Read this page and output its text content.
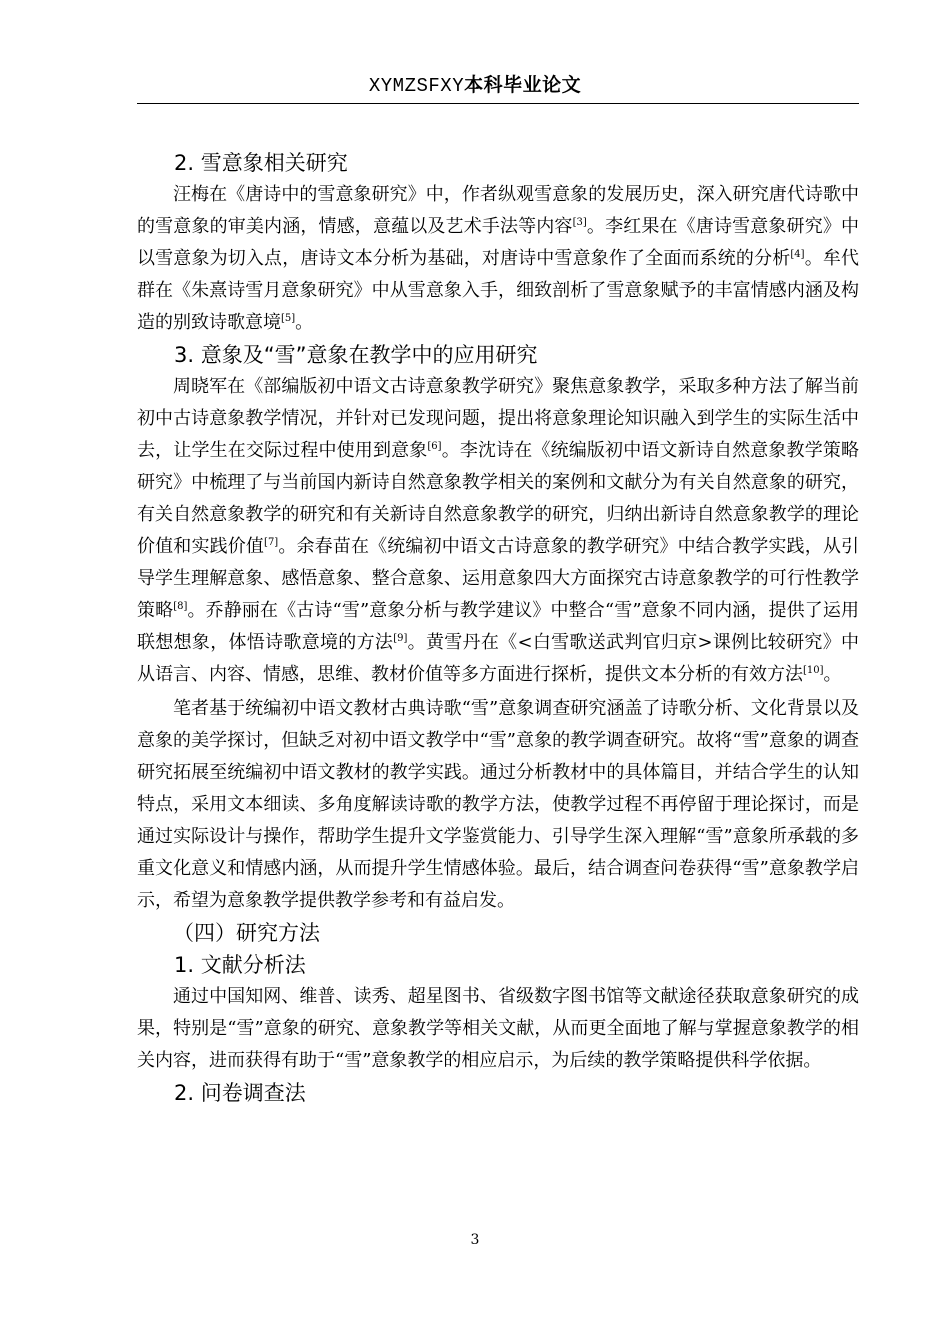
XYMZSFXY本科毕业论文
2. 雪意象相关研究

汪梅在《唐诗中的雪意象研究》中，作者纵观雪意象的发展历史，深入研究唐代诗歌中的雪意象的审美内涵，情感，意蕴以及艺术手法等内容[3]。李红果在《唐诗雪意象研究》中以雪意象为切入点，唐诗文本分析为基础，对唐诗中雪意象作了全面而系统的分析[4]。牟代群在《朱熹诗雪月意象研究》中从雪意象入手，细致剖析了雪意象赋予的丰富情感内涵及构造的别致诗歌意境[5]。

3. 意象及“雪”意象在教学中的应用研究

周晓军在《部编版初中语文古诗意象教学研究》聚焦意象教学，采取多种方法了解当前初中古诗意象教学情况，并针对已发现问题，提出将意象理论知识融入到学生的实际生活中去，让学生在交际过程中使用到意象[6]。李沈诗在《统编版初中语文新诗自然意象教学策略研究》中梳理了与当前国内新诗自然意象教学相关的案例和文献分为有关自然意象的研究，有关自然意象教学的研究和有关新诗自然意象教学的研究，归纳出新诗自然意象教学的理论价值和实践价值[7]。余春苗在《统编初中语文古诗意象的教学研究》中结合教学实践，从引导学生理解意象、感悟意象、整合意象、运用意象四大方面探究古诗意象教学的可行性教学策略[8]。乔静丽在《古诗“雪”意象分析与教学建议》中整合“雪”意象不同内涵，提供了运用联想想象，体悟诗歌意境的方法[9]。黄雪丹在《<白雪歌送武判官归京>课例比较研究》中从语言、内容、情感，思维、教材价值等多方面进行探析，提供文本分析的有效方法[10]。

笔者基于统编初中语文教材古典诗歌“雪”意象调查研究涵盖了诗歌分析、文化背景以及意象的美学探讨，但缺乏对初中语文教学中“雪”意象的教学调查研究。故将“雪”意象的调查研究拓展至统编初中语文教材的教学实践。通过分析教材中的具体篇目，并结合学生的认知特点，采用文本细读、多角度解读诗歌的教学方法，使教学过程不再停留于理论探讨，而是通过实际设计与操作，帮助学生提升文学鉴赏能力、引导学生深入理解“雪”意象所承载的多重文化意义和情感内涵，从而提升学生情感体验。最后，结合调查问卷获得“雪”意象教学启示，希望为意象教学提供教学参考和有益启发。

（四）研究方法
1. 文献分析法

通过中国知网、维普、读秀、超星图书、省级数字图书馆等文献途径获取意象研究的成果，特别是“雪”意象的研究、意象教学等相关文献，从而更全面地了解与掌握意象教学的相关内容，进而获得有助于“雪”意象教学的相应启示，为后续的教学策略提供科学依据。

2. 问卷调查法
3
